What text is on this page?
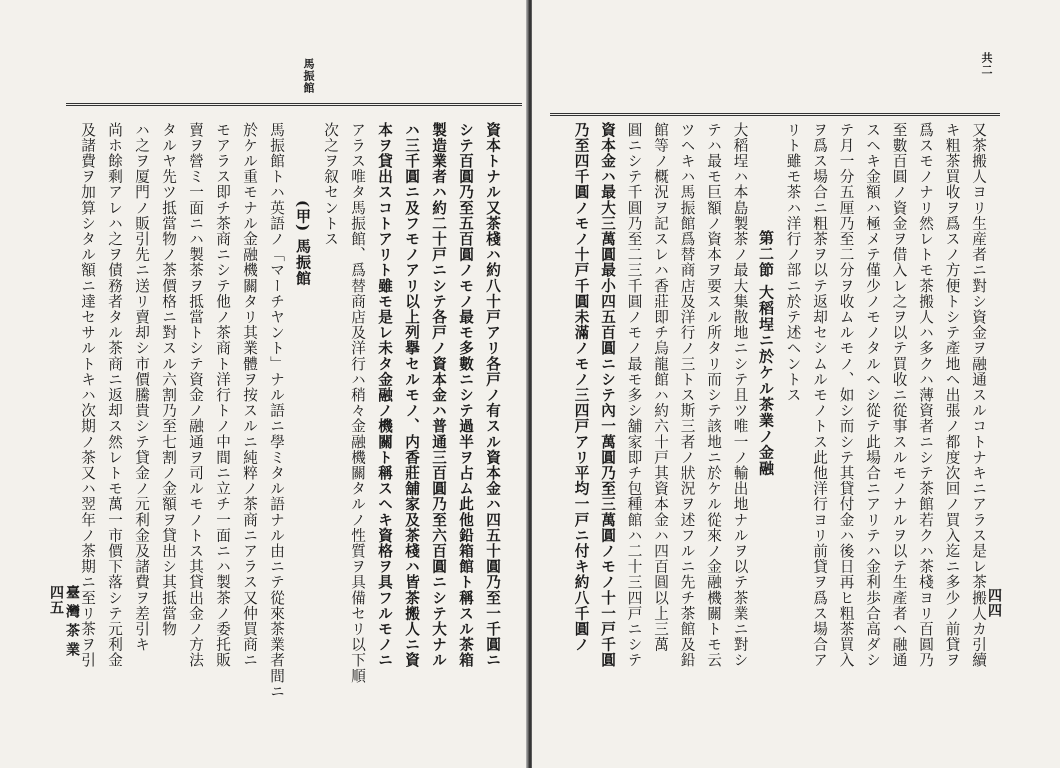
馬振館
臺灣茶業
四五	資本トナル又茶棧ハ約八十戸アリ各戸ノ有スル資本金ハ四五十圓乃至一千圓ニ
シテ百圓乃至五百圓ノモノ最モ多數ニシテ過半ヲ占ム此他鉛箱館ト稱スル茶箱
製造業者ハ約二十戸ニシテ各戸ノ資本金ハ普通三百圓乃至六百圓ニシテ大ナル
ハ三千圓ニ及フモノアリ以上列擧セルモノ、内香莊舖家及茶棧ハ皆茶搬人ニ資
本ヲ貸出スコトアリト雖モ是レ未タ金融ノ機關ト稱スヘキ資格ヲ具フルモノニ
アラス唯タ馬振館、爲替商店及洋行ハ稍々金融機關タルノ性質ヲ具備セリ以下順
次之ヲ叙セントス
(甲) 馬振館
馬振館トハ英語ノ「マーチヤント」ナル語ニ學ミタル語ナル由ニテ從來茶業者間ニ
於ケル重モナル金融機關タリ其業體ヲ按スルニ純粹ノ茶商ニアラス又仲買商ニ
モアラス即チ茶商ニシテ他ノ茶商ト洋行トノ中間ニ立チ一面ニハ製茶ノ委托販
賣ヲ營ミ一面ニハ製茶ヲ抵當トシテ資金ノ融通ヲ司ルモノトス其貸出金ノ方法
タルヤ先ツ抵當物ノ茶價格ニ對スル六割乃至七割ノ金額ヲ貸出シ其抵當物
ハ之ヲ厦門ノ販引先ニ送リ賣却シ市價騰貴シテ貸金ノ元利金及諸費ヲ差引キ
尚ホ餘剩アレハ之ヲ債務者タル茶商ニ返却ス然レトモ萬一市價下落シテ元利金
及諸費ヲ加算シタル額ニ達セサルトキハ次期ノ茶又ハ翌年ノ茶期ニ至リ茶ヲ引
共二
四四
又茶搬人ヨリ生産者ニ對シ資金ヲ融通スルコトナキニアラス是レ茶搬人カ引續
キ粗茶買收ヲ爲スノ方便トシテ產地ヘ出張ノ都度次回ノ買入迄ニ多少ノ前貸ヲ
爲スモノナリ然レトモ茶搬人ハ多クハ薄資者ニシテ茶館若クハ茶棧ヨリ百圓乃
至數百圓ノ資金ヲ借入レ之ヲ以テ買收ニ從事スルモノナルヲ以テ生產者ヘ融通
スヘキ金額ハ極メテ僅少ノモノタルヘシ從テ此場合ニアリテハ金利歩合高ダシ
テ月一分五厘乃至二分ヲ收ムルモノ、如シ而シテ其貸付金ハ後日再ヒ粗茶買入
ヲ爲ス場合ニ粗茶ヲ以テ返却セシムルモノトス此他洋行ヨリ前貸ヲ爲ス場合ア
リト雖モ茶ハ洋行ノ部ニ於テ述ヘントス
第二節 大稻埕ニ於ケル茶業ノ金融
大稻埕ハ本島製茶ノ最大集散地ニシテ且ツ唯一ノ輸出地ナルヲ以テ茶業ニ對シ
テハ最モ巨額ノ資本ヲ要スル所タリ而シテ該地ニ於ケル從來ノ金融機關トモ云
ツヘキハ馬振館爲替商店及洋行ノ三トス斯三者ノ狀況ヲ述フルニ先チ茶館及鉛
館等ノ概況ヲ記スレハ香莊即チ烏龍館ハ約六十戸其資本金ハ四百圓以上三萬
圓ニシテ千圓乃至二三千圓ノモノ最モ多シ舖家即チ包種館ハ二十三四戸ニシテ
資本金ハ最大三萬圓最小四五百圓ニシテ內一萬圓乃至三萬圓ノモノ十一戸千圓
乃至四千圓ノモノ十戸千圓未滿ノモノ三四戸アリ平均一戸ニ付キ約八千圓ノ
